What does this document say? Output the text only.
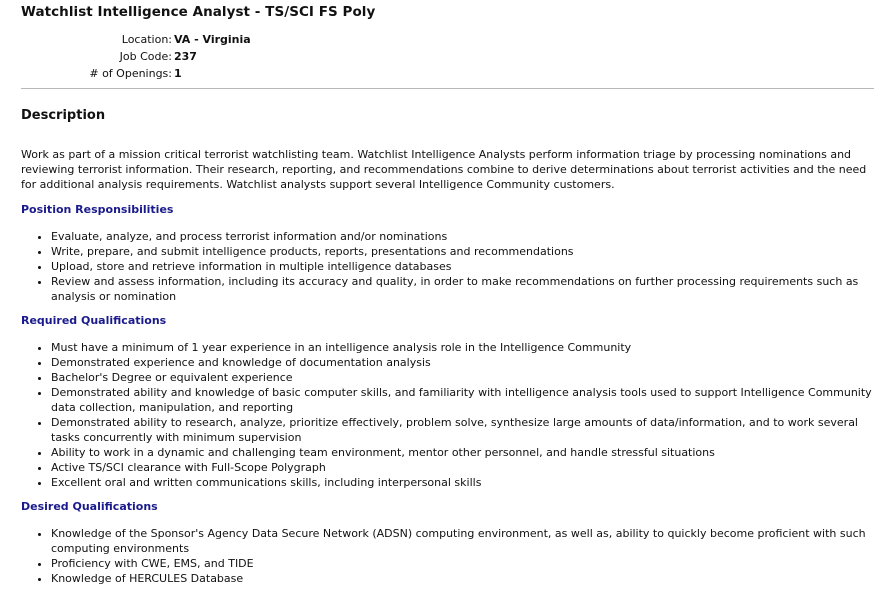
Watchlist Intelligence Analyst - TS/SCI FS Poly
Location: VA - Virginia
Job Code: 237
# of Openings: 1
Description
Work as part of a mission critical terrorist watchlisting team. Watchlist Intelligence Analysts perform information triage by processing nominations and reviewing terrorist information. Their research, reporting, and recommendations combine to derive determinations about terrorist activities and the need for additional analysis requirements. Watchlist analysts support several Intelligence Community customers.
Position Responsibilities
• Evaluate, analyze, and process terrorist information and/or nominations
• Write, prepare, and submit intelligence products, reports, presentations and recommendations
• Upload, store and retrieve information in multiple intelligence databases
• Review and assess information, including its accuracy and quality, in order to make recommendations on further processing requirements such as analysis or nomination
Required Qualifications
• Must have a minimum of 1 year experience in an intelligence analysis role in the Intelligence Community
• Demonstrated experience and knowledge of documentation analysis
• Bachelor's Degree or equivalent experience
• Demonstrated ability and knowledge of basic computer skills, and familiarity with intelligence analysis tools used to support Intelligence Community data collection, manipulation, and reporting
• Demonstrated ability to research, analyze, prioritize effectively, problem solve, synthesize large amounts of data/information, and to work several tasks concurrently with minimum supervision
• Ability to work in a dynamic and challenging team environment, mentor other personnel, and handle stressful situations
• Active TS/SCI clearance with Full-Scope Polygraph
• Excellent oral and written communications skills, including interpersonal skills
Desired Qualifications
• Knowledge of the Sponsor's Agency Data Secure Network (ADSN) computing environment, as well as, ability to quickly become proficient with such computing environments
• Proficiency with CWE, EMS, and TIDE
• Knowledge of HERCULES Database
